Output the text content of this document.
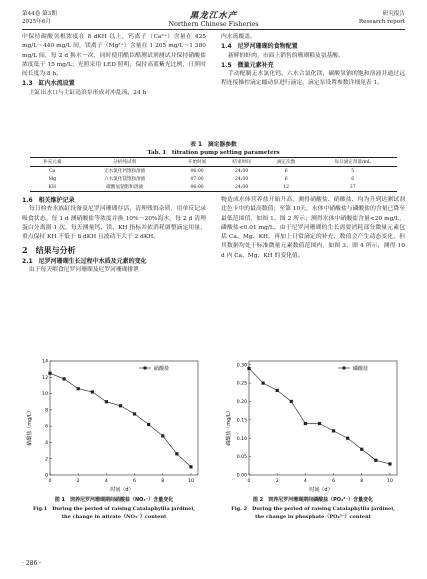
第44卷 第3期
2025年6月
黑龙江水产
Northern Chinese Fisheries
研究报告
Research report

中保持碳酸氢根浓度在 8 dKH 以上，钙离子（Ca²⁺）含量在 425 mg/L～440 mg/L 间，镁离子（Mg²⁺）含量在 1 205 mg/L～1 380 mg/L 间，每 2 d 换水一次，同时使用酷臣酷测试剂测试并保持硝酸盐浓度低于 15 mg/L；光照采用 LED 照明，保持高蓝紫光比例，日照时间长度为 8 h。

1.3　缸内水流设置

主缸出水口与主缸造浪泵形成对冲乱流，24 h

内水流覆盖。

1.4　尼罗河珊瑚的食物配置

新鲜的虾肉，市面上销售的珊瑚粮及氨基酸。

1.5　微量元素补充

手动配制无水氯化钙、六水合氯化镁、碳酸氢钠的饱和溶液并通过远程连接操控滴定蠕动泵进行滴定，滴定泵设置参数详细见表 1。

表 1　滴定器参数
Tab. 1　titration pump setting parameters
补充元素	分析纯试剂	开始时间	结束时间	滴定次数	每日滴定剂量/mL
Ca	无水氯化钙饱和溶液	06:00	24:00	6	5
Mg	六水氯化镁饱和溶液	07:00	24:00	6	6
KH	碳酸氢钠饱和溶液	06:00	24:00	12	37
1.6　相关维护记录

每日检查水族缸设备及尼罗河珊瑚存活，清理残饵杂质，用单反记录吸食状态。每 1 d 测硝酸盐等浓度并换 10%～20%海水，每 2 d 清理蛋白分离器 1 次，每天测量钙、镁、KH 指标并依消耗调整滴定用量，重点保持 KH 不低于 8 dKH 且波动不大于 2 dKH。

2　结果与分析
2.1　尼罗河珊瑚生长过程中水质及元素的变化

由于每天喂食尼罗河珊瑚及尼罗河珊瑚排泄

物造成水体营养盐开始升高，测得硝酸盐、硝酸盐、均为升到达测试剂比色卡中的最高数值；至第 10天，水体中硝酸盐与磷酸盐的含量已降至最低范围值，如图 1、图 2 所示；测得水体中硝酸盐含量<20 mg/L，磷酸盐<0.01 mg/L。由于尼罗河珊瑚的生长需要消耗部分微量元素包括 Ca、Mg、KH，再加上日常滴定的补充，数值会产生动态变化，但其数据均处于标准微量元素数值范围内，如图 3、图 4 所示，测得 10 d 内 Ca、Mg、KH 的变化值。

0
2
4
6
8
10
12
14
0	2	4	6	8	10
硝酸盐（mg/L）
时间（d）
硝酸盐
图 1　饲养尼罗河珊瑚期间硝酸盐（NO₃⁻）含量变化
Fig.1　During the period of raising Catalaphyllia jardinei,
the change in nitrate（NO₃⁻）content
0.00
0.05
0.10
0.15
0.20
0.25
0.30
0	2	4	6	8	10
磷酸盐（mg/L）
时间（d）
磷酸盐
图 2　饲养尼罗河珊瑚期间磷酸盐（PO₄³⁻）含量变化
Fig. 2　During the period of raising Catalaphyllia jardinei,
the change in phosphate（PO₄³⁻）content
· 286 ·
